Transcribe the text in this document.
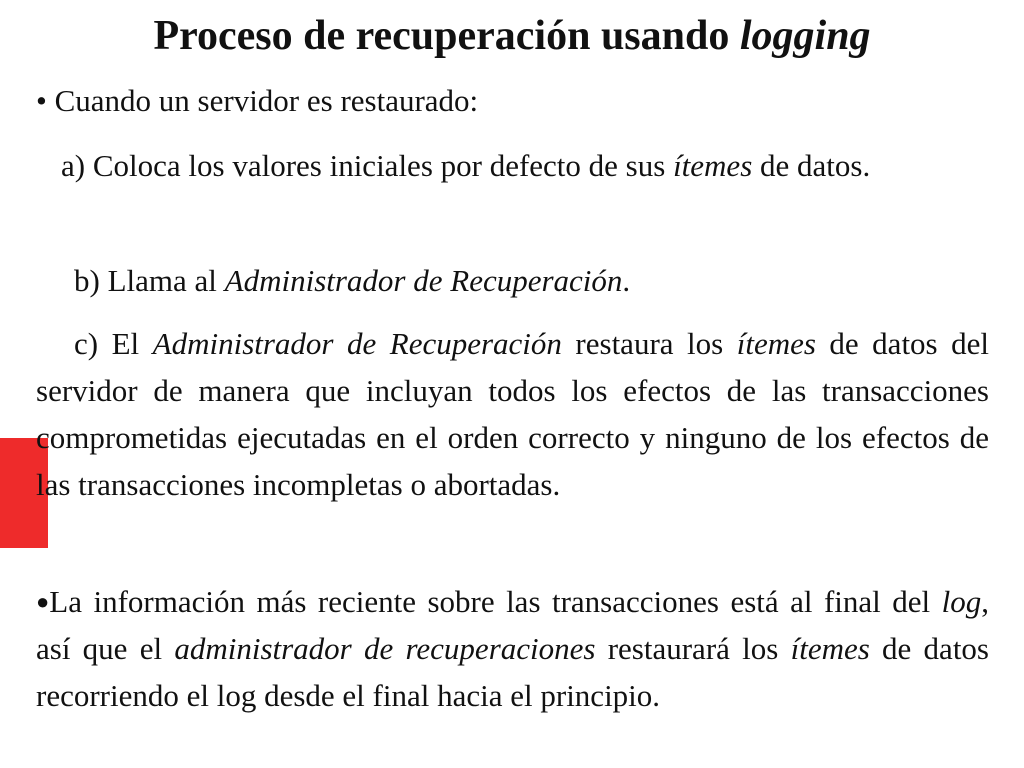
Proceso de recuperación usando logging

• Cuando un servidor es restaurado:

a) Coloca los valores iniciales por defecto de sus ítemes de datos.

b) Llama al Administrador de Recuperación.

c) El Administrador de Recuperación restaura los ítemes de datos del servidor de manera que incluyan todos los efectos de las transacciones comprometidas ejecutadas en el orden correcto y ninguno de los efectos de las transacciones incompletas o abortadas.

●La información más reciente sobre las transacciones está al final del log, así que el administrador de recuperaciones restaurará los ítemes de datos recorriendo el log desde el final hacia el principio.
